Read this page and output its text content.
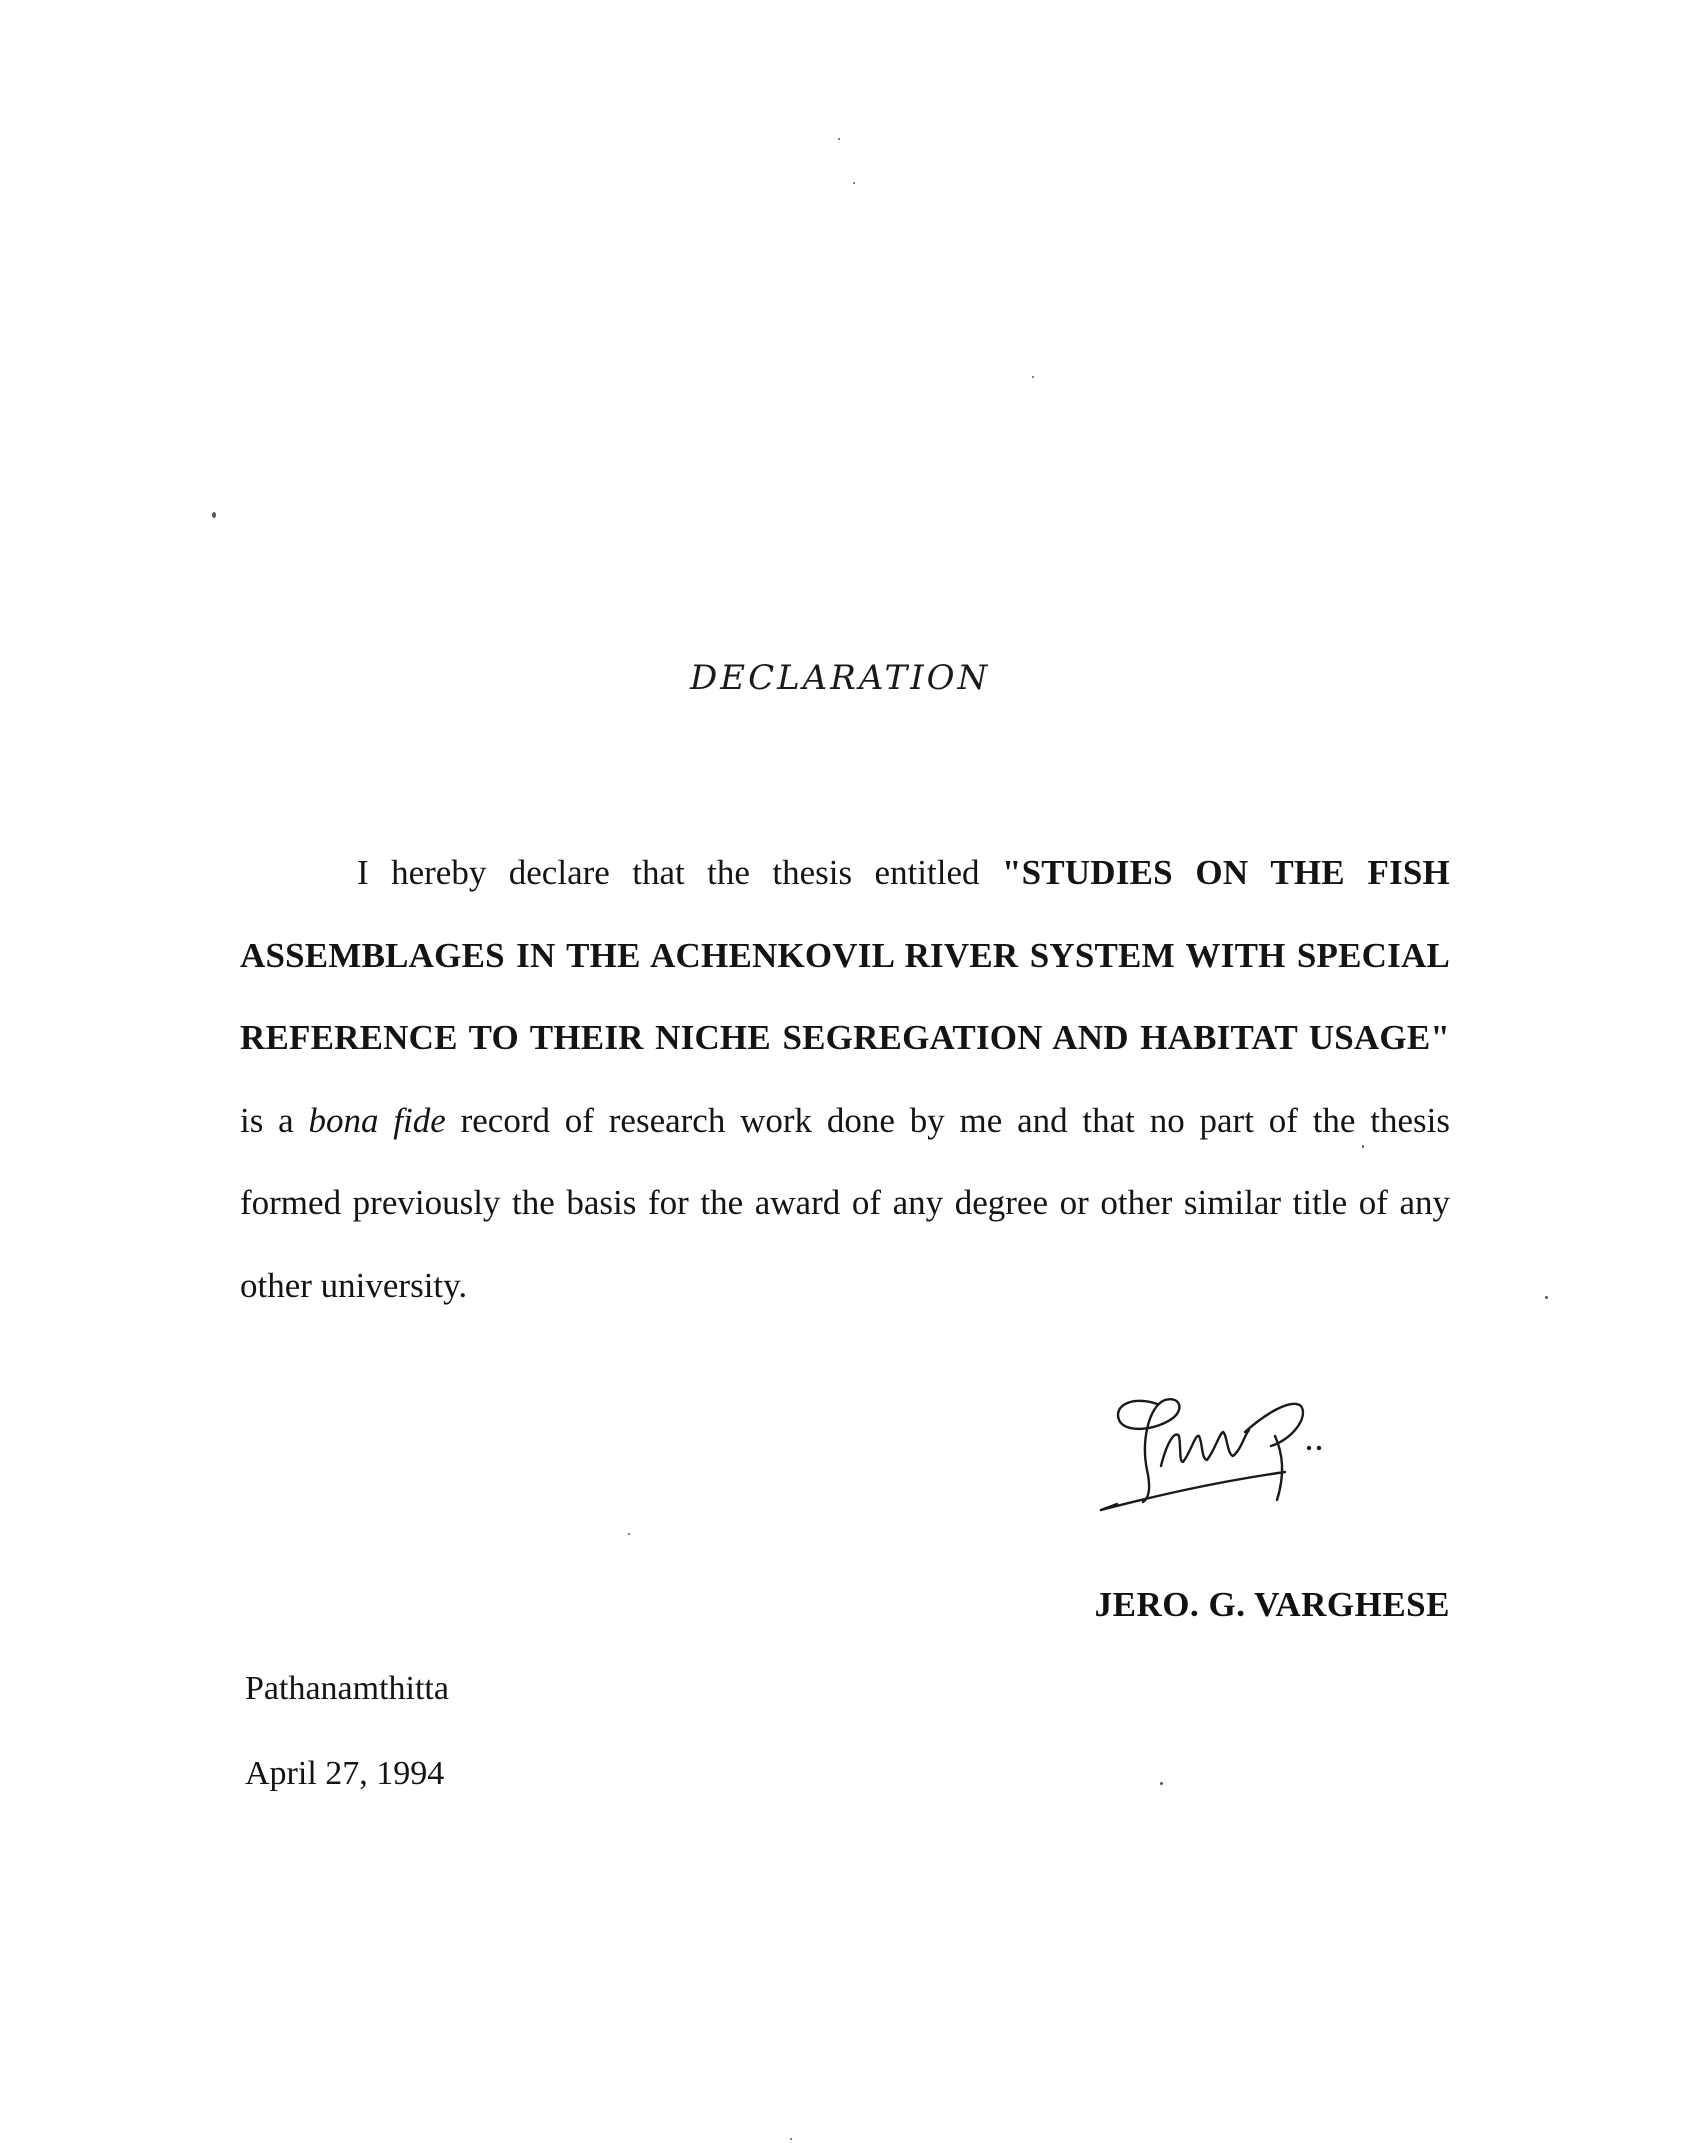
DECLARATION

I hereby declare that the thesis entitled "STUDIES ON THE FISH ASSEMBLAGES IN THE ACHENKOVIL RIVER SYSTEM WITH SPECIAL REFERENCE TO THEIR NICHE SEGREGATION AND HABITAT USAGE" is a bona fide record of research work done by me and that no part of the thesis formed previously the basis for the award of any degree or other similar title of any other university.

JERO. G. VARGHESE
Pathanamthitta
April 27, 1994
